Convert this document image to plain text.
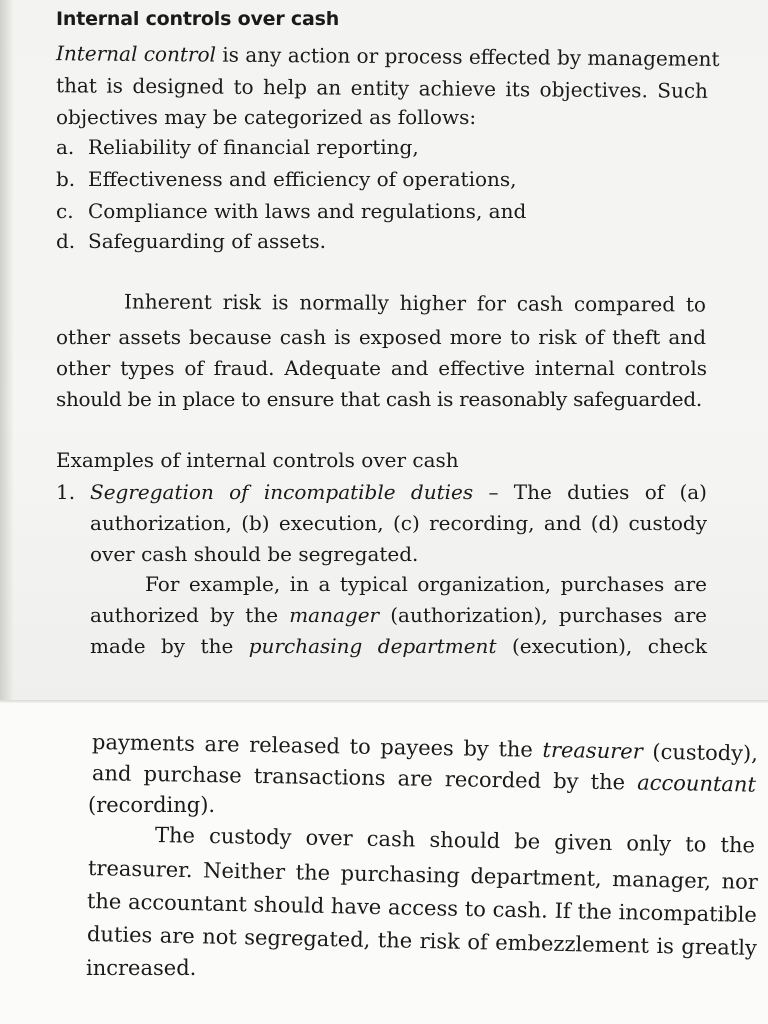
Internal controls over cash
Internal control is any action or process effected by management
that is designed to help an entity achieve its objectives. Such
objectives may be categorized as follows:
a. Reliability of financial reporting,
b. Effectiveness and efficiency of operations,
c. Compliance with laws and regulations, and
d. Safeguarding of assets.
Inherent risk is normally higher for cash compared to
other assets because cash is exposed more to risk of theft and
other types of fraud. Adequate and effective internal controls
should be in place to ensure that cash is reasonably safeguarded.
Examples of internal controls over cash
1. Segregation of incompatible duties – The duties of (a)
authorization, (b) execution, (c) recording, and (d) custody
over cash should be segregated.
For example, in a typical organization, purchases are
authorized by the manager (authorization), purchases are
made by the purchasing department (execution), check
payments are released to payees by the treasurer (custody),
and purchase transactions are recorded by the accountant
(recording).
The custody over cash should be given only to the
treasurer. Neither the purchasing department, manager, nor
the accountant should have access to cash. If the incompatible
duties are not segregated, the risk of embezzlement is greatly
increased.
